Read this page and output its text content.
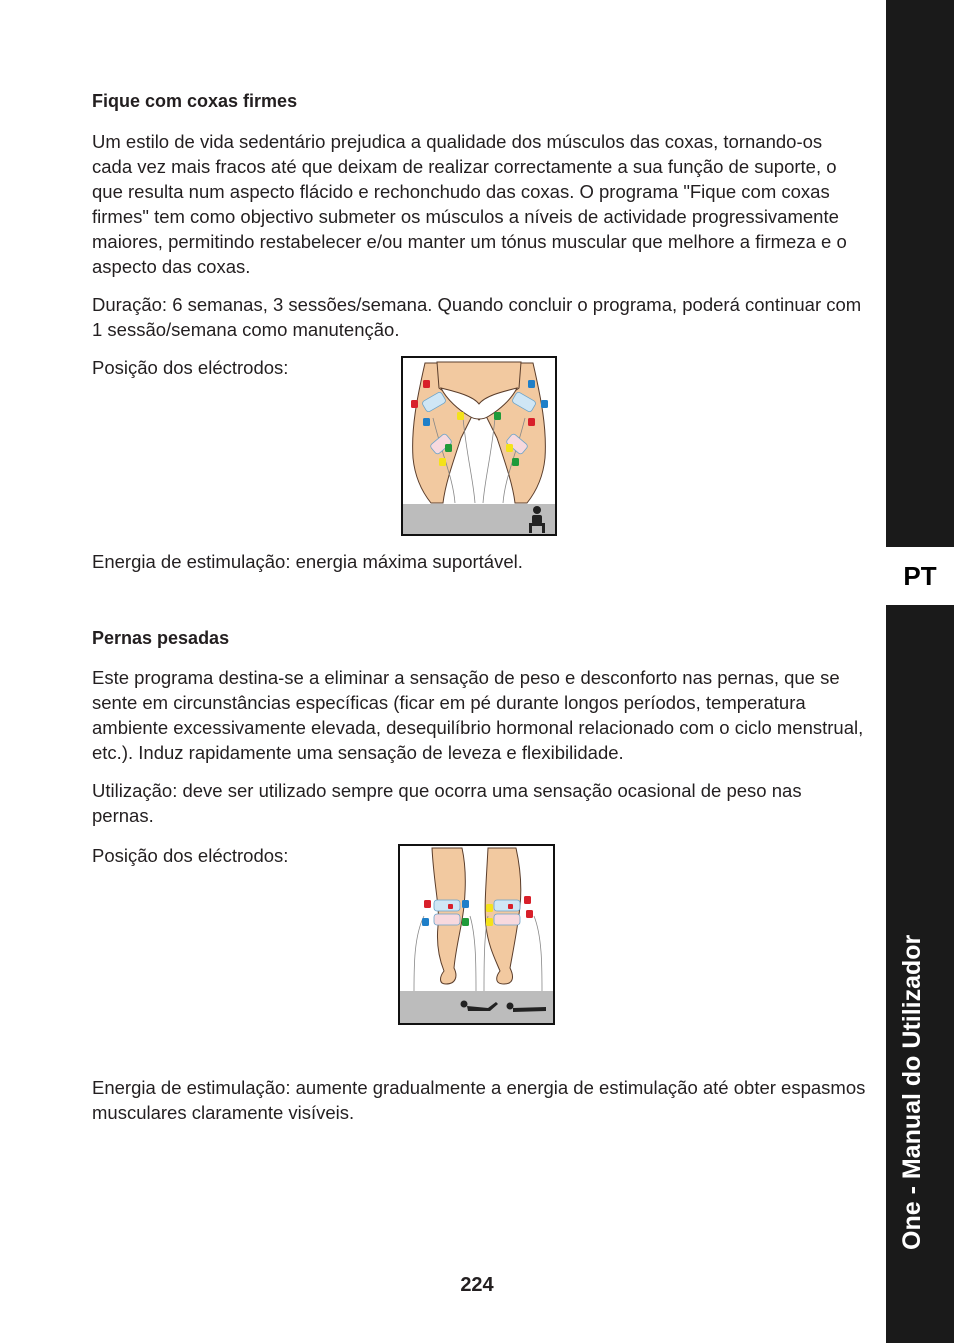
PT
One - Manual do Utilizador
Fique com coxas firmes

Um estilo de vida sedentário prejudica a qualidade dos músculos das coxas, tornando-os cada vez mais fracos até que deixam de realizar correctamente a sua função de suporte, o que resulta num aspecto flácido e rechonchudo das coxas. O programa "Fique com coxas firmes" tem como objectivo submeter os músculos a níveis de actividade progressivamente maiores, permitindo restabelecer e/ou manter um tónus muscular que melhore a firmeza e o aspecto das coxas.

Duração: 6 semanas, 3 sessões/semana. Quando concluir o programa, poderá continuar com 1 sessão/semana como manutenção.

Posição dos eléctrodos:

Energia de estimulação: energia máxima suportável.

Pernas pesadas

Este programa destina-se a eliminar a sensação de peso e desconforto nas pernas, que se sente em circunstâncias específicas (ficar em pé durante longos períodos, temperatura ambiente excessivamente elevada, desequilíbrio hormonal relacionado com o ciclo menstrual, etc.). Induz rapidamente uma sensação de leveza e flexibilidade.

Utilização: deve ser utilizado sempre que ocorra uma sensação ocasional de peso nas pernas.

Posição dos eléctrodos:

Energia de estimulação: aumente gradualmente a energia de estimulação até obter espasmos musculares claramente visíveis.

224
